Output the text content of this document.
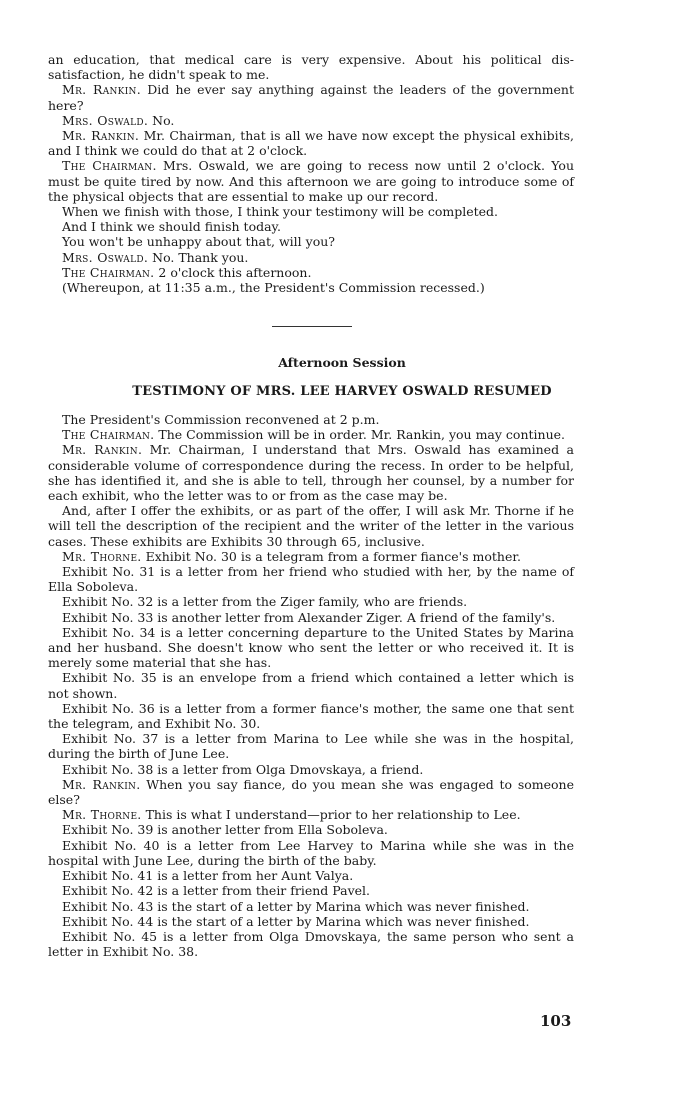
an education, that medical care is very expensive. About his political dis-satisfaction, he didn't speak to me.

Mr. Rankin. Did he ever say anything against the leaders of the government here?

Mrs. Oswald. No.

Mr. Rankin. Mr. Chairman, that is all we have now except the physical exhibits, and I think we could do that at 2 o'clock.

The Chairman. Mrs. Oswald, we are going to recess now until 2 o'clock. You must be quite tired by now. And this afternoon we are going to introduce some of the physical objects that are essential to make up our record.

When we finish with those, I think your testimony will be completed.

And I think we should finish today.

You won't be unhappy about that, will you?

Mrs. Oswald. No. Thank you.

The Chairman. 2 o'clock this afternoon.

(Whereupon, at 11:35 a.m., the President's Commission recessed.)

Afternoon Session
TESTIMONY OF MRS. LEE HARVEY OSWALD RESUMED

The President's Commission reconvened at 2 p.m.

The Chairman. The Commission will be in order. Mr. Rankin, you may continue.

Mr. Rankin. Mr. Chairman, I understand that Mrs. Oswald has examined a considerable volume of correspondence during the recess. In order to be helpful, she has identified it, and she is able to tell, through her counsel, by a number for each exhibit, who the letter was to or from as the case may be.

And, after I offer the exhibits, or as part of the offer, I will ask Mr. Thorne if he will tell the description of the recipient and the writer of the letter in the various cases. These exhibits are Exhibits 30 through 65, inclusive.

Mr. Thorne. Exhibit No. 30 is a telegram from a former fiance's mother.

Exhibit No. 31 is a letter from her friend who studied with her, by the name of Ella Soboleva.

Exhibit No. 32 is a letter from the Ziger family, who are friends.

Exhibit No. 33 is another letter from Alexander Ziger. A friend of the family's.

Exhibit No. 34 is a letter concerning departure to the United States by Marina and her husband. She doesn't know who sent the letter or who received it. It is merely some material that she has.

Exhibit No. 35 is an envelope from a friend which contained a letter which is not shown.

Exhibit No. 36 is a letter from a former fiance's mother, the same one that sent the telegram, and Exhibit No. 30.

Exhibit No. 37 is a letter from Marina to Lee while she was in the hospital, during the birth of June Lee.

Exhibit No. 38 is a letter from Olga Dmovskaya, a friend.

Mr. Rankin. When you say fiance, do you mean she was engaged to someone else?

Mr. Thorne. This is what I understand—prior to her relationship to Lee.

Exhibit No. 39 is another letter from Ella Soboleva.

Exhibit No. 40 is a letter from Lee Harvey to Marina while she was in the hospital with June Lee, during the birth of the baby.

Exhibit No. 41 is a letter from her Aunt Valya.

Exhibit No. 42 is a letter from their friend Pavel.

Exhibit No. 43 is the start of a letter by Marina which was never finished.

Exhibit No. 44 is the start of a letter by Marina which was never finished.

Exhibit No. 45 is a letter from Olga Dmovskaya, the same person who sent a letter in Exhibit No. 38.

103
